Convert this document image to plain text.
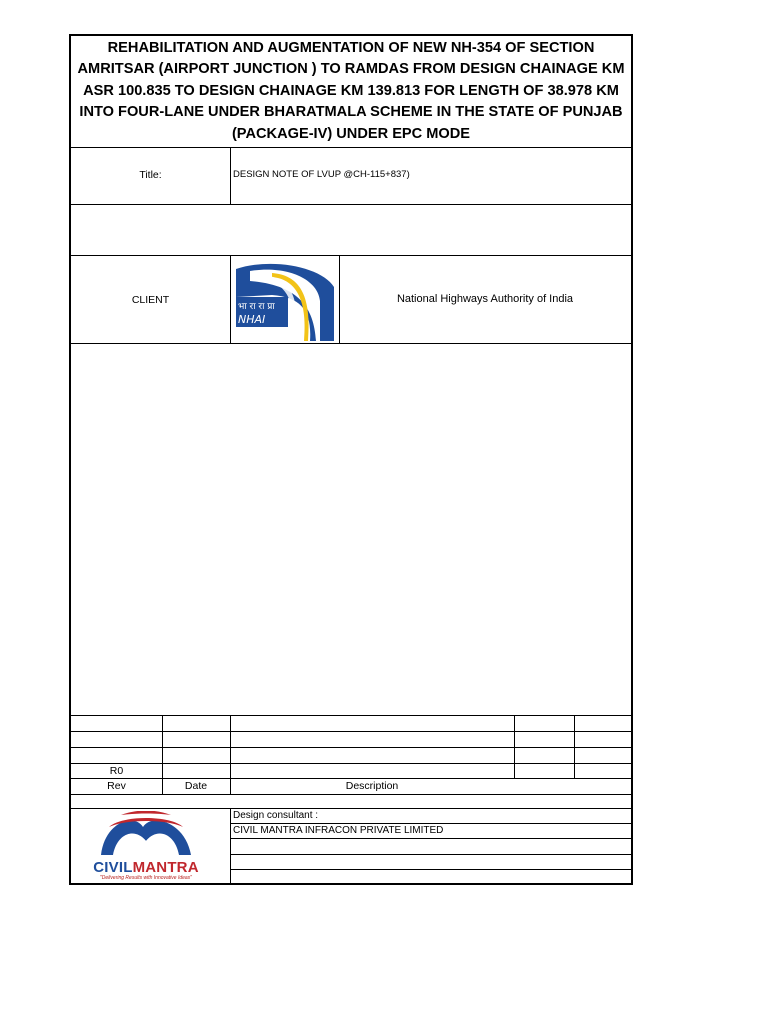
REHABILITATION AND AUGMENTATION OF NEW NH-354 OF SECTION AMRITSAR (AIRPORT JUNCTION ) TO RAMDAS FROM DESIGN CHAINAGE KM ASR 100.835 TO DESIGN CHAINAGE KM 139.813 FOR LENGTH OF 38.978 KM INTO FOUR-LANE UNDER BHARATMALA SCHEME IN THE STATE OF PUNJAB (PACKAGE-IV) UNDER EPC MODE
Title:	DESIGN NOTE OF LVUP @CH-115+837)
CLIENT
भा रा रा प्रा
NHAI
National Highways Authority of India
R0
Rev	Date	Description
Design consultant :
CIVIL MANTRA INFRACON PRIVATE LIMITED
CIVILMANTRA
"Delivering Results with Innovative Ideas"
